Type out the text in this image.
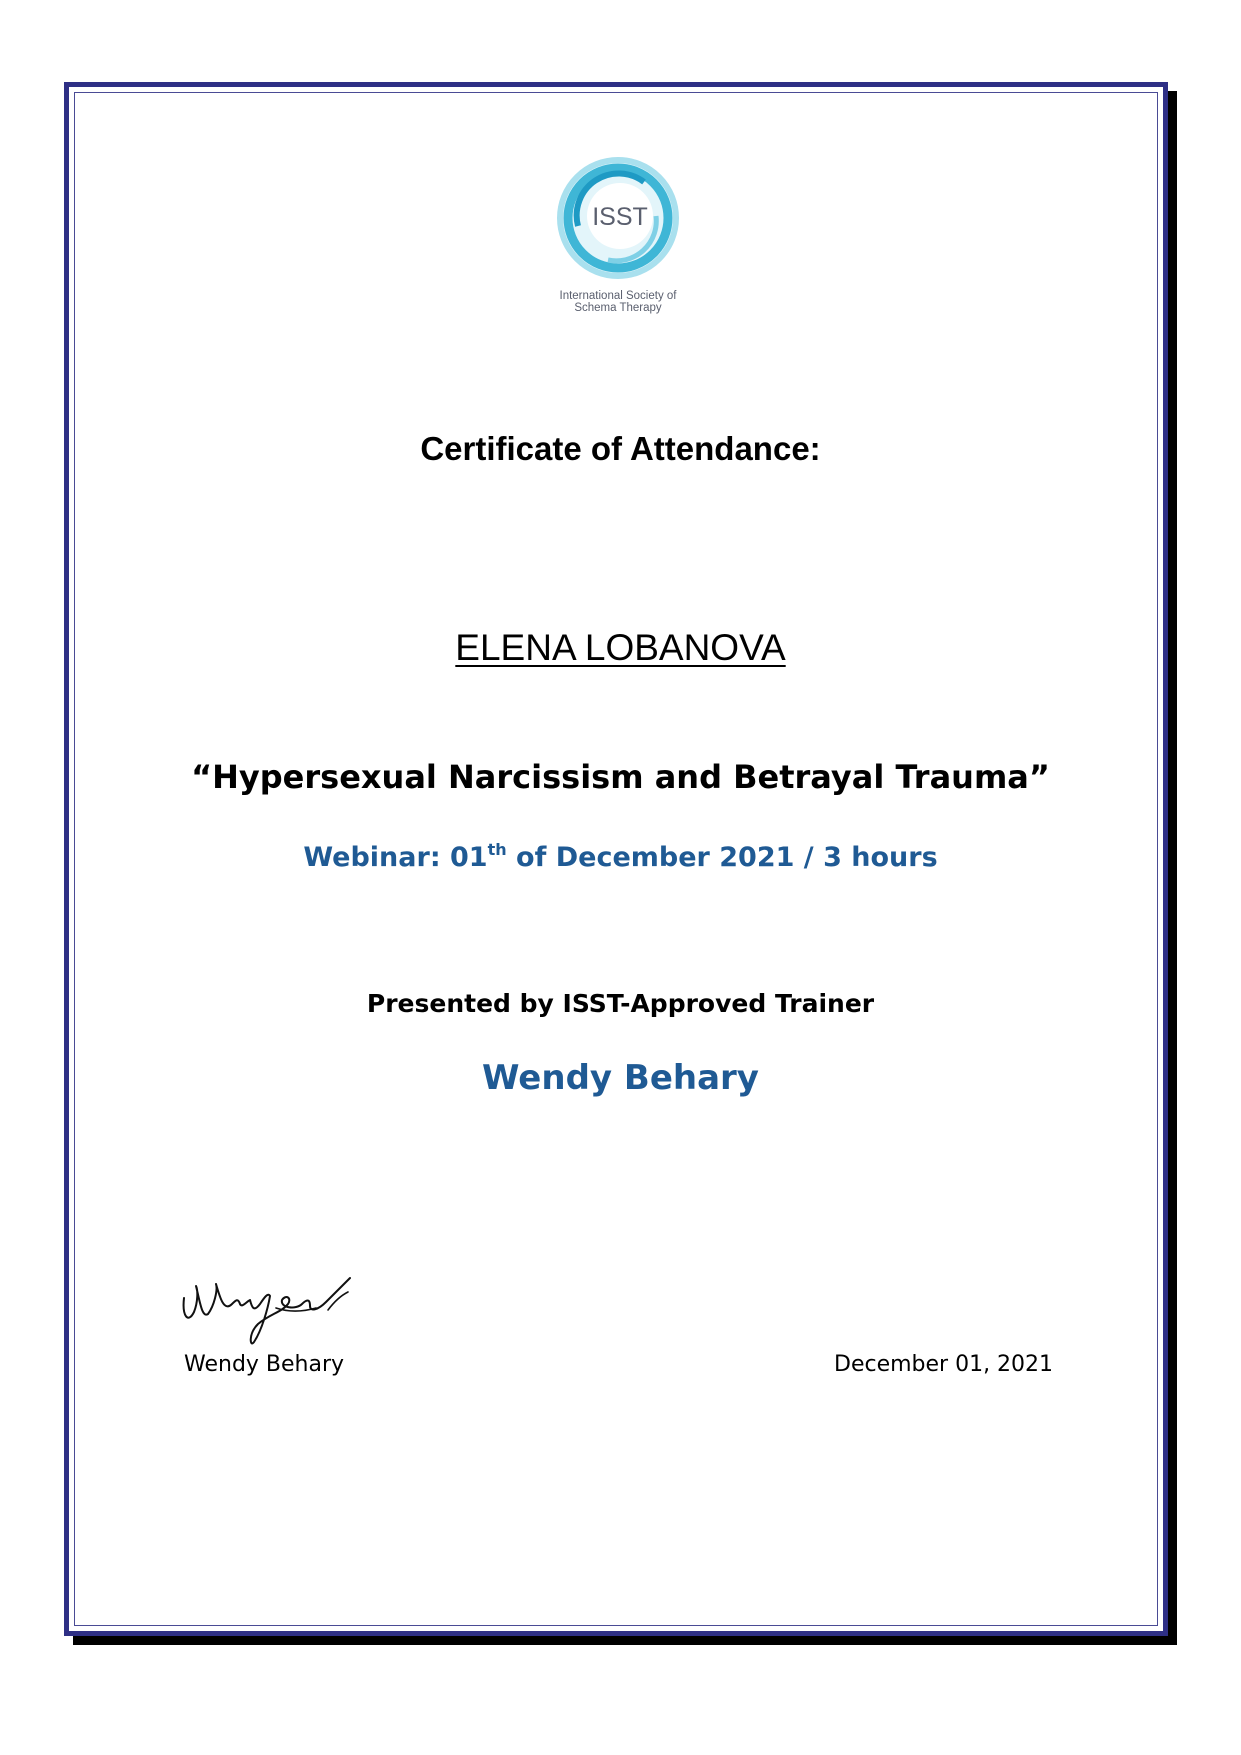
ISST
International Society of
Schema Therapy
Certificate of Attendance:
ELENA LOBANOVA
“Hypersexual Narcissism and Betrayal Trauma”
Webinar: 01th of December 2021 / 3 hours
Presented by ISST-Approved Trainer
Wendy Behary
Wendy Behary	December 01, 2021
